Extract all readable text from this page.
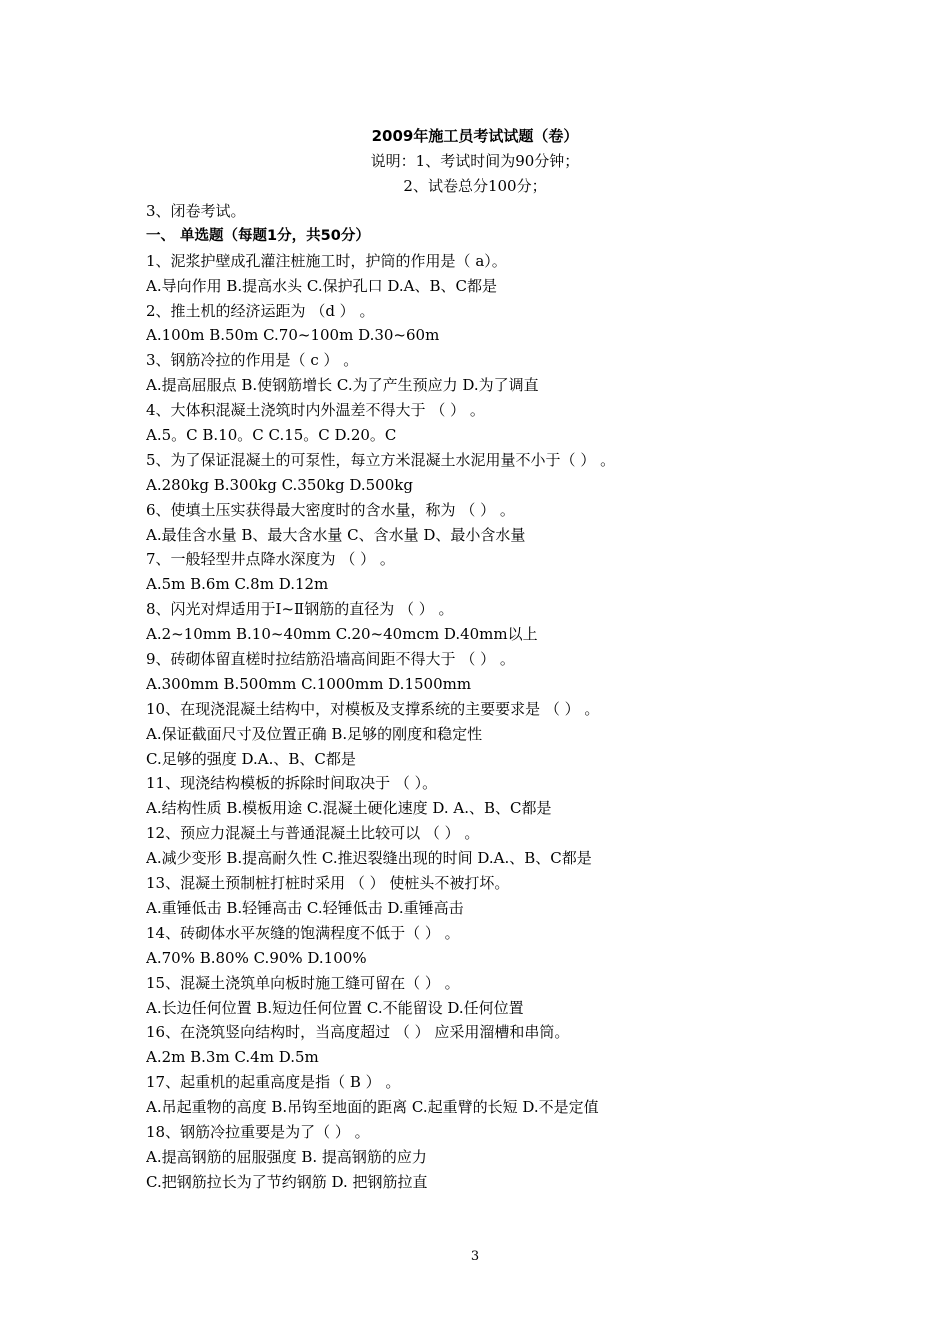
2009年施工员考试试题（卷）
说明：1、考试时间为90分钟；
2、试卷总分100分；
3、闭卷考试。
一、 单选题（每题1分，共50分）
1、泥浆护壁成孔灌注桩施工时，护筒的作用是（ a）。
A.导向作用 B.提高水头 C.保护孔口 D.A、B、C都是
2、推土机的经济运距为 （d ） 。
A.100m B.50m C.70~100m D.30~60m
3、钢筋冷拉的作用是（ c ） 。
A.提高屈服点 B.使钢筋增长 C.为了产生预应力 D.为了调直
4、大体积混凝土浇筑时内外温差不得大于 （ ） 。
A.5。C B.10。C C.15。C D.20。C
5、为了保证混凝土的可泵性，每立方米混凝土水泥用量不小于（ ） 。
A.280kg B.300kg C.350kg D.500kg
6、使填土压实获得最大密度时的含水量，称为 （ ） 。
A.最佳含水量 B、最大含水量 C、含水量 D、最小含水量
7、一般轻型井点降水深度为 （ ） 。
A.5m B.6m C.8m D.12m
8、闪光对焊适用于Ⅰ~Ⅱ钢筋的直径为 （ ） 。
A.2~10mm B.10~40mm C.20~40mcm D.40mm以上
9、砖砌体留直槎时拉结筋沿墙高间距不得大于 （ ） 。
A.300mm B.500mm C.1000mm D.1500mm
10、在现浇混凝土结构中，对模板及支撑系统的主要要求是 （ ） 。
A.保证截面尺寸及位置正确 B.足够的刚度和稳定性
C.足够的强度 D.A.、B、C都是
11、现浇结构模板的拆除时间取决于 （ ）。
A.结构性质 B.模板用途 C.混凝土硬化速度 D. A.、B、C都是
12、预应力混凝土与普通混凝土比较可以 （ ） 。
A.减少变形 B.提高耐久性 C.推迟裂缝出现的时间 D.A.、B、C都是
13、混凝土预制桩打桩时采用 （ ） 使桩头不被打坏。
A.重锤低击 B.轻锤高击 C.轻锤低击 D.重锤高击
14、砖砌体水平灰缝的饱满程度不低于（ ） 。
A.70% B.80% C.90% D.100%
15、混凝土浇筑单向板时施工缝可留在（ ） 。
A.长边任何位置 B.短边任何位置 C.不能留设 D.任何位置
16、在浇筑竖向结构时，当高度超过 （ ） 应采用溜槽和串筒。
A.2m B.3m C.4m D.5m
17、起重机的起重高度是指（ B ） 。
A.吊起重物的高度 B.吊钩至地面的距离 C.起重臂的长短 D.不是定值
18、钢筋冷拉重要是为了（ ） 。
A.提高钢筋的屈服强度 B. 提高钢筋的应力
C.把钢筋拉长为了节约钢筋 D. 把钢筋拉直
3
